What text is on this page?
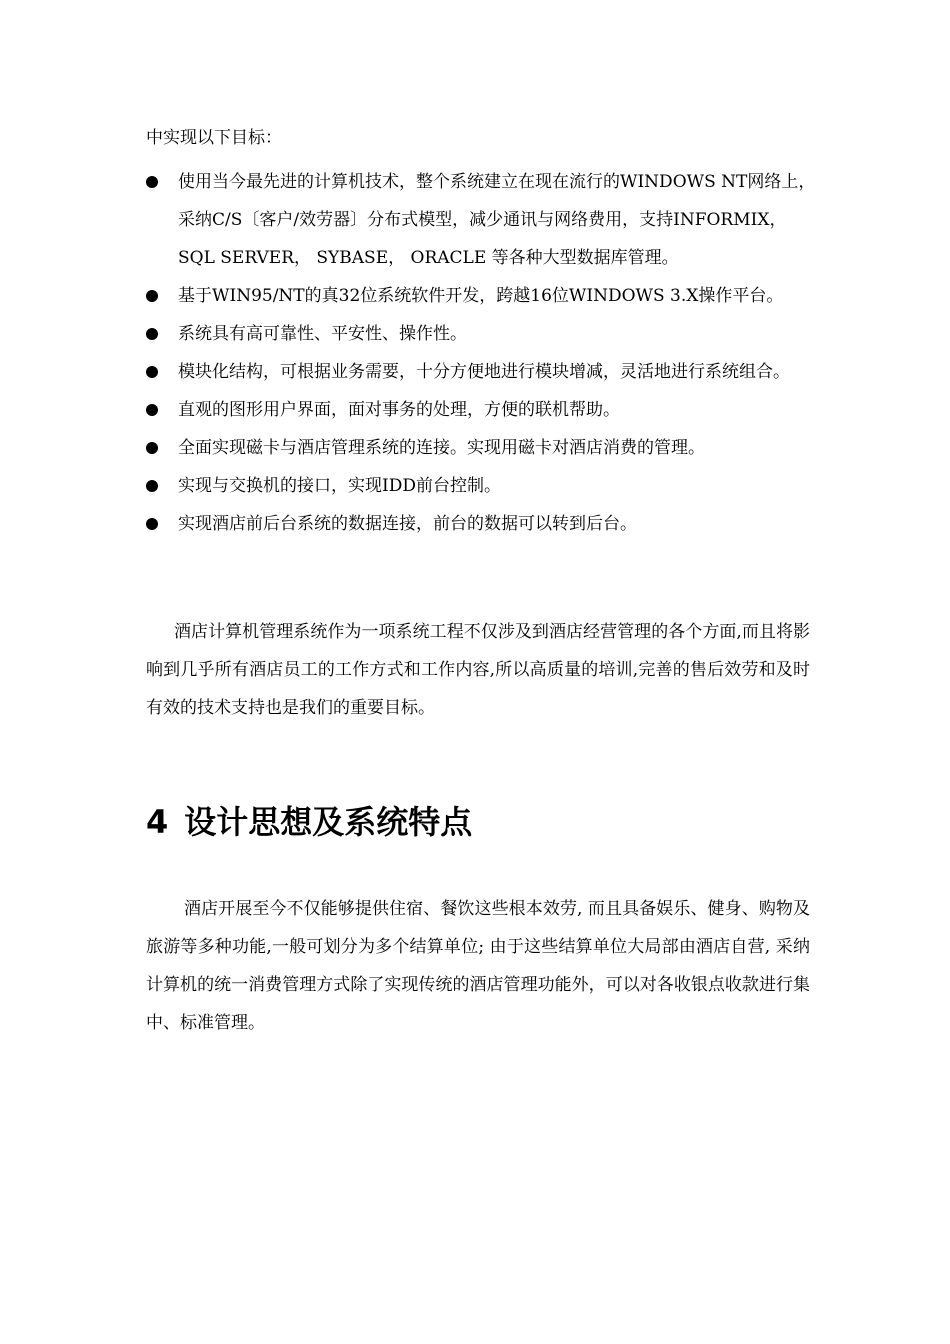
中实现以下目标：
使用当今最先进的计算机技术，整个系统建立在现在流行的WINDOWS NT网络上，采纳C/S〔客户/效劳器〕分布式模型，减少通讯与网络费用，支持INFORMIX， SQL SERVER， SYBASE， ORACLE 等各种大型数据库管理。
基于WIN95/NT的真32位系统软件开发，跨越16位WINDOWS 3.X操作平台。
系统具有高可靠性、平安性、操作性。
模块化结构，可根据业务需要，十分方便地进行模块增减，灵活地进行系统组合。
直观的图形用户界面，面对事务的处理，方便的联机帮助。
全面实现磁卡与酒店管理系统的连接。实现用磁卡对酒店消费的管理。
实现与交换机的接口，实现IDD前台控制。
实现酒店前后台系统的数据连接，前台的数据可以转到后台。

酒店计算机管理系统作为一项系统工程不仅涉及到酒店经营管理的各个方面,而且将影响到几乎所有酒店员工的工作方式和工作内容,所以高质量的培训,完善的售后效劳和及时有效的技术支持也是我们的重要目标。

4 设计思想及系统特点

酒店开展至今不仅能够提供住宿、餐饮这些根本效劳, 而且具备娱乐、健身、购物及旅游等多种功能,一般可划分为多个结算单位; 由于这些结算单位大局部由酒店自营, 采纳计算机的统一消费管理方式除了实现传统的酒店管理功能外，可以对各收银点收款进行集中、标准管理。
